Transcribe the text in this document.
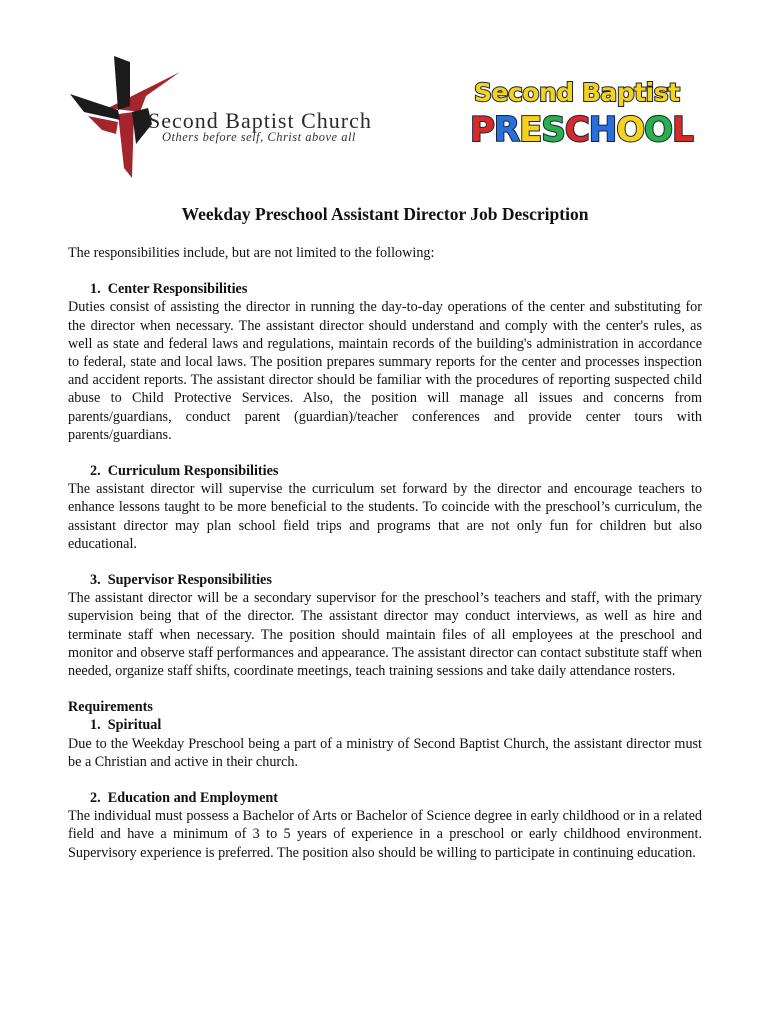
Second Baptist Church
Others before self, Christ above all
Second Baptist
PRESCHOOL
Weekday Preschool Assistant Director Job Description

The responsibilities include, but are not limited to the following:

1.  Center Responsibilities

Duties consist of assisting the director in running the day-to-day operations of the center and substituting for the director when necessary. The assistant director should understand and comply with the center's rules, as well as state and federal laws and regulations, maintain records of the building's administration in accordance to federal, state and local laws. The position prepares summary reports for the center and processes inspection and accident reports. The assistant director should be familiar with the procedures of reporting suspected child abuse to Child Protective Services. Also, the position will manage all issues and concerns from parents/guardians, conduct parent (guardian)/teacher conferences and provide center tours with parents/guardians.

2.  Curriculum Responsibilities

The assistant director will supervise the curriculum set forward by the director and encourage teachers to enhance lessons taught to be more beneficial to the students. To coincide with the preschool’s curriculum, the assistant director may plan school field trips and programs that are not only fun for children but also educational.

3.  Supervisor Responsibilities

The assistant director will be a secondary supervisor for the preschool’s teachers and staff, with the primary supervision being that of the director. The assistant director may conduct interviews, as well as hire and terminate staff when necessary. The position should maintain files of all employees at the preschool and monitor and observe staff performances and appearance. The assistant director can contact substitute staff when needed, organize staff shifts, coordinate meetings, teach training sessions and take daily attendance rosters.

Requirements
1.  Spiritual

Due to the Weekday Preschool being a part of a ministry of Second Baptist Church, the assistant director must be a Christian and active in their church.

2.  Education and Employment

The individual must possess a Bachelor of Arts or Bachelor of Science degree in early childhood or in a related field and have a minimum of 3 to 5 years of experience in a preschool or early childhood environment. Supervisory experience is preferred. The position also should be willing to participate in continuing education.
